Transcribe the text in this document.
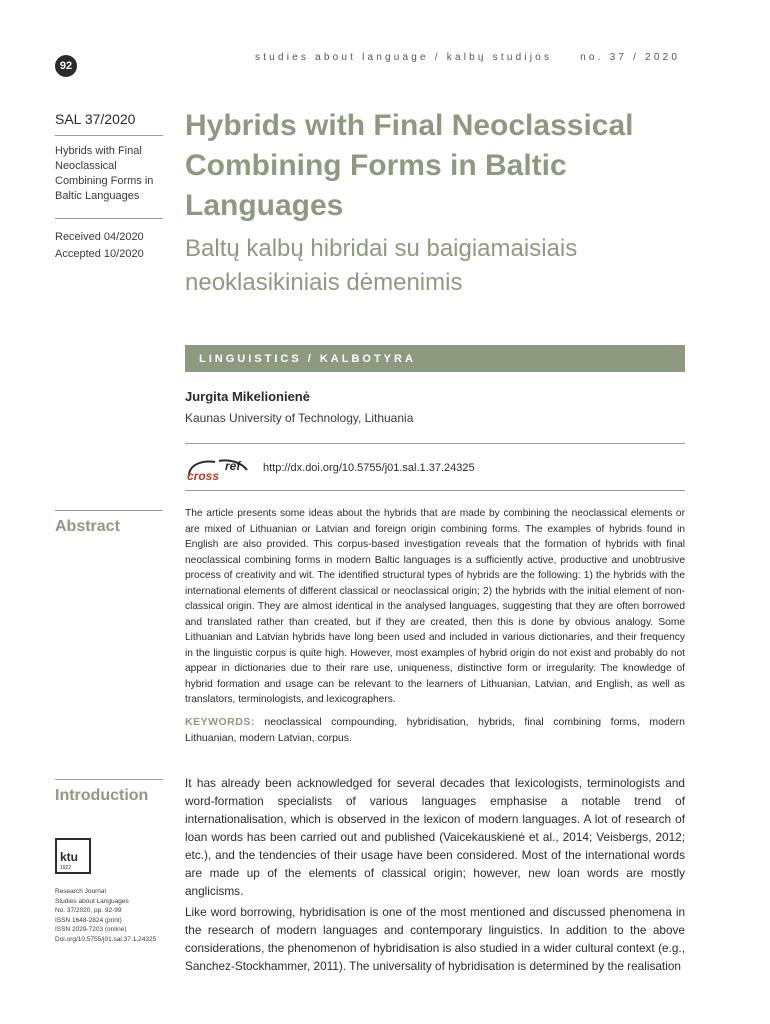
92
studies about language / kalbų studijos	no. 37 / 2020
SAL 37/2020
Hybrids with Final Neoclassical Combining Forms in Baltic Languages
Received 04/2020
Accepted 10/2020
Hybrids with Final Neoclassical Combining Forms in Baltic Languages
Baltų kalbų hibridai su baigiamaisiais neoklasikiniais dėmenimis
LINGUISTICS / KALBOTYRA
Jurgita Mikelionienė
Kaunas University of Technology, Lithuania
cross
ref http://dx.doi.org/10.5755/j01.sal.1.37.24325
Abstract
The article presents some ideas about the hybrids that are made by combining the neoclassical elements or are mixed of Lithuanian or Latvian and foreign origin combining forms. The examples of hybrids found in English are also provided. This corpus-based investigation reveals that the formation of hybrids with final neoclassical combining forms in modern Baltic languages is a sufficiently active, productive and unobtrusive process of creativity and wit. The identified structural types of hybrids are the following: 1) the hybrids with the international elements of different classical or neoclassical origin; 2) the hybrids with the initial element of non-classical origin. They are almost identical in the analysed languages, suggesting that they are often borrowed and translated rather than created, but if they are created, then this is done by obvious analogy. Some Lithuanian and Latvian hybrids have long been used and included in various dictionaries, and their frequency in the linguistic corpus is quite high. However, most examples of hybrid origin do not exist and probably do not appear in dictionaries due to their rare use, uniqueness, distinctive form or irregularity. The knowledge of hybrid formation and usage can be relevant to the learners of Lithuanian, Latvian, and English, as well as translators, terminologists, and lexicographers.
KEYWORDS: neoclassical compounding, hybridisation, hybrids, final combining forms, modern Lithuanian, modern Latvian, corpus.
Introduction

It has already been acknowledged for several decades that lexicologists, terminologists and word-formation specialists of various languages emphasise a notable trend of internationalisation, which is observed in the lexicon of modern languages. A lot of research of loan words has been carried out and published (Vaicekauskienė et al., 2014; Veisbergs, 2012; etc.), and the tendencies of their usage have been considered. Most of the international words are made up of the elements of classical origin; however, new loan words are mostly anglicisms.

Like word borrowing, hybridisation is one of the most mentioned and discussed phenomena in the research of modern languages and contemporary linguistics. In addition to the above considerations, the phenomenon of hybridisation is also studied in a wider cultural context (e.g., Sanchez-Stockhammer, 2011). The universality of hybridisation is determined by the realisation

ktu
1922
Research Journal
Studies about Languages
No. 37/2020, pp. 92-99
ISSN 1648-2824 (print)
ISSN 2029-7203 (online)
Doi.org/10.5755/j01.sal.37.1.24325
